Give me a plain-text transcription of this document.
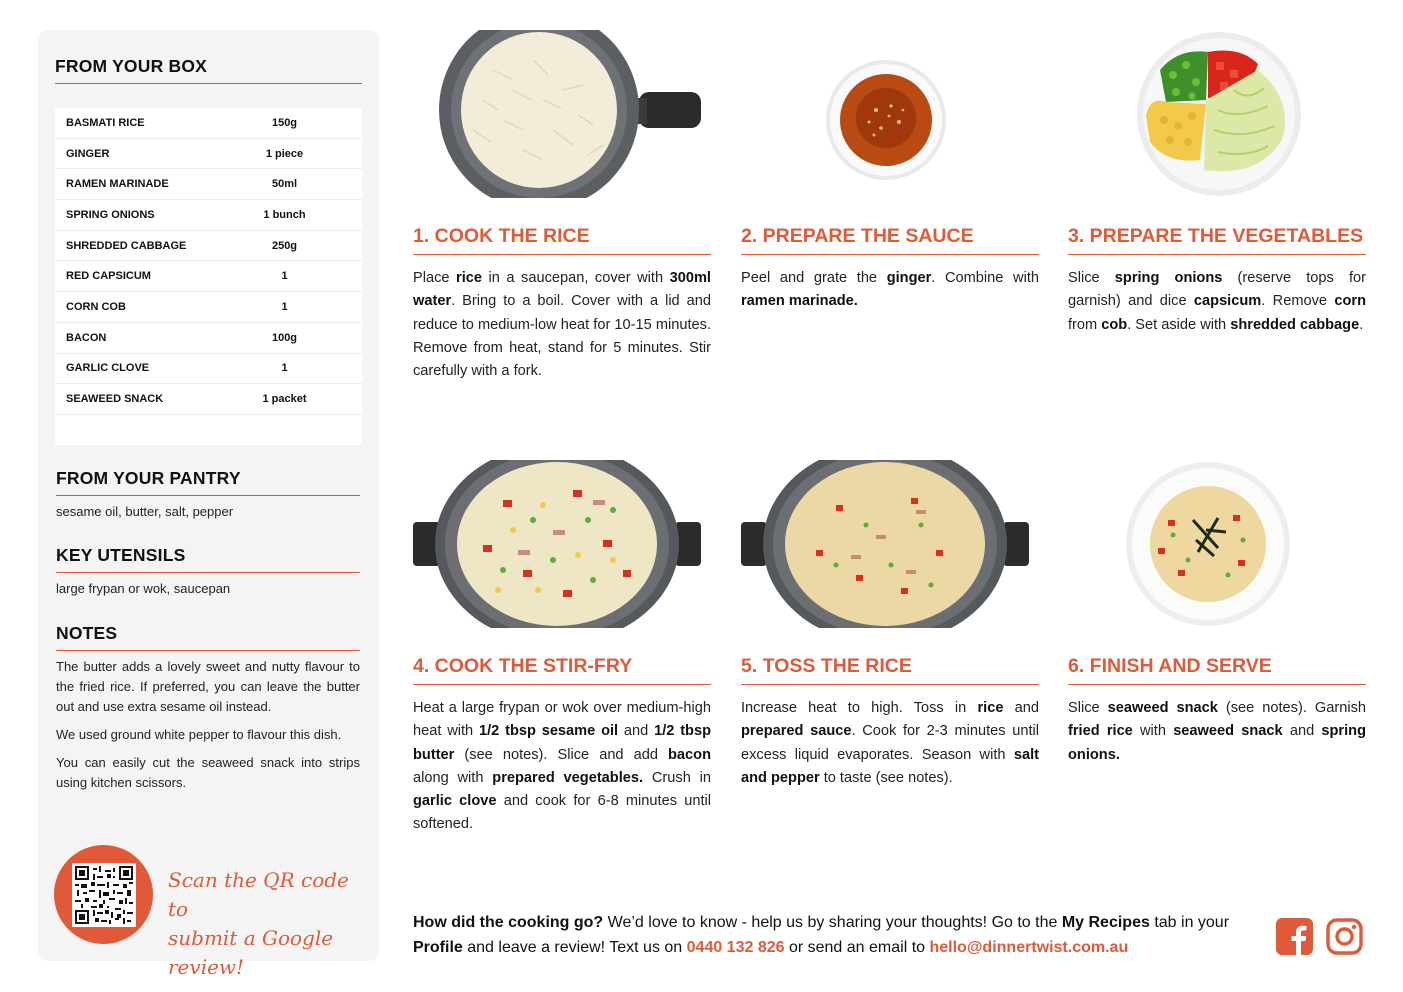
FROM YOUR BOX
BASMATI RICE	150g
GINGER	1 piece
RAMEN MARINADE	50ml
SPRING ONIONS	1 bunch
SHREDDED CABBAGE	250g
RED CAPSICUM	1
CORN COB	1
BACON	100g
GARLIC CLOVE	1
SEAWEED SNACK	1 packet
FROM YOUR PANTRY
sesame oil, butter, salt, pepper
KEY UTENSILS
large frypan or wok, saucepan
NOTES

The butter adds a lovely sweet and nutty flavour to the fried rice. If preferred, you can leave the butter out and use extra sesame oil instead.

We used ground white pepper to flavour this dish.

You can easily cut the seaweed snack into strips using kitchen scissors.

Scan the QR code to
submit a Google review!
1. COOK THE RICE
Place rice in a saucepan, cover with 300ml water. Bring to a boil. Cover with a lid and reduce to medium-low heat for 10-15 minutes. Remove from heat, stand for 5 minutes. Stir carefully with a fork.
2. PREPARE THE SAUCE
Peel and grate the ginger. Combine with ramen marinade.
3. PREPARE THE VEGETABLES
Slice spring onions (reserve tops for garnish) and dice capsicum. Remove corn from cob. Set aside with shredded cabbage.
4. COOK THE STIR-FRY
Heat a large frypan or wok over medium-high heat with 1/2 tbsp sesame oil and 1/2 tbsp butter (see notes). Slice and add bacon along with prepared vegetables. Crush in garlic clove and cook for 6-8 minutes until softened.
5. TOSS THE RICE
Increase heat to high. Toss in rice and prepared sauce. Cook for 2-3 minutes until excess liquid evaporates. Season with salt and pepper to taste (see notes).
6. FINISH AND SERVE
Slice seaweed snack (see notes). Garnish fried rice with seaweed snack and spring onions.
How did the cooking go? We’d love to know - help us by sharing your thoughts! Go to the My Recipes tab in your Profile and leave a review! Text us on 0440 132 826 or send an email to hello@dinnertwist.com.au
